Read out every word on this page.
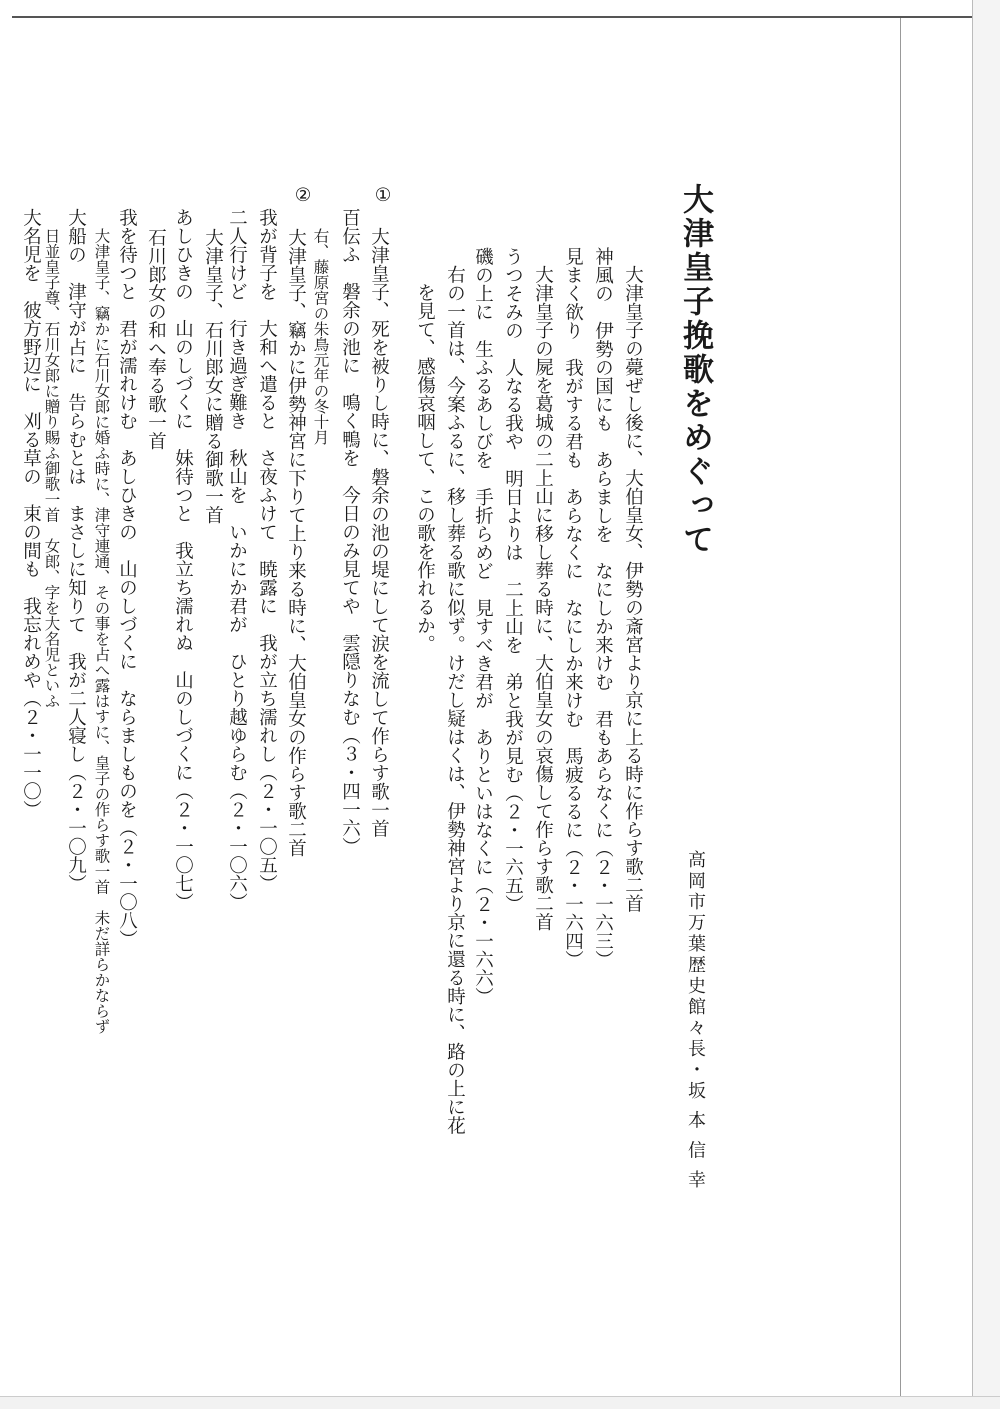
大津皇子挽歌をめぐって

高岡市万葉歴史館々長・坂 本 信 幸

大津皇子の薨ぜし後に、大伯皇女、伊勢の斎宮より京に上る時に作らす歌二首

神風の　伊勢の国にも　あらましを　なにしか来けむ　君もあらなくに（２・一六三）

見まく欲り　我がする君も　あらなくに　なにしか来けむ　馬疲るるに（２・一六四）

大津皇子の屍を葛城の二上山に移し葬る時に、大伯皇女の哀傷して作らす歌二首

うつそみの　人なる我や　明日よりは　二上山を　弟と我が見む（２・一六五）

磯の上に　生ふるあしびを　手折らめど　見すべき君が　ありといはなくに（２・一六六）

右の一首は、今案ふるに、移し葬る歌に似ず。けだし疑はくは、伊勢神宮より京に還る時に、路の上に花

を見て、感傷哀咽して、この歌を作れるか。

①

大津皇子、死を被りし時に、磐余の池の堤にして涙を流して作らす歌一首

百伝ふ　磐余の池に　鳴く鴨を　今日のみ見てや　雲隠りなむ（３・四一六）

右、藤原宮の朱鳥元年の冬十月

②

大津皇子、竊かに伊勢神宮に下りて上り来る時に、大伯皇女の作らす歌二首

我が背子を　大和へ遣ると　さ夜ふけて　暁露に　我が立ち濡れし（２・一〇五）

二人行けど　行き過ぎ難き　秋山を　いかにか君が　ひとり越ゆらむ（２・一〇六）

大津皇子、石川郎女に贈る御歌一首

あしひきの　山のしづくに　妹待つと　我立ち濡れぬ　山のしづくに（２・一〇七）

石川郎女の和へ奉る歌一首

我を待つと　君が濡れけむ　あしひきの　山のしづくに　ならましものを（２・一〇八）

大津皇子、竊かに石川女郎に婚ふ時に、津守連通、その事を占へ露はすに、皇子の作らす歌一首　未だ詳らかならず

大船の　津守が占に　告らむとは　まさしに知りて　我が二人寝し（２・一〇九）

日並皇子尊、石川女郎に贈り賜ふ御歌一首　女郎、字を大名児といふ

大名児を　彼方野辺に　刈る草の　束の間も　我忘れめや（２・一一〇）
